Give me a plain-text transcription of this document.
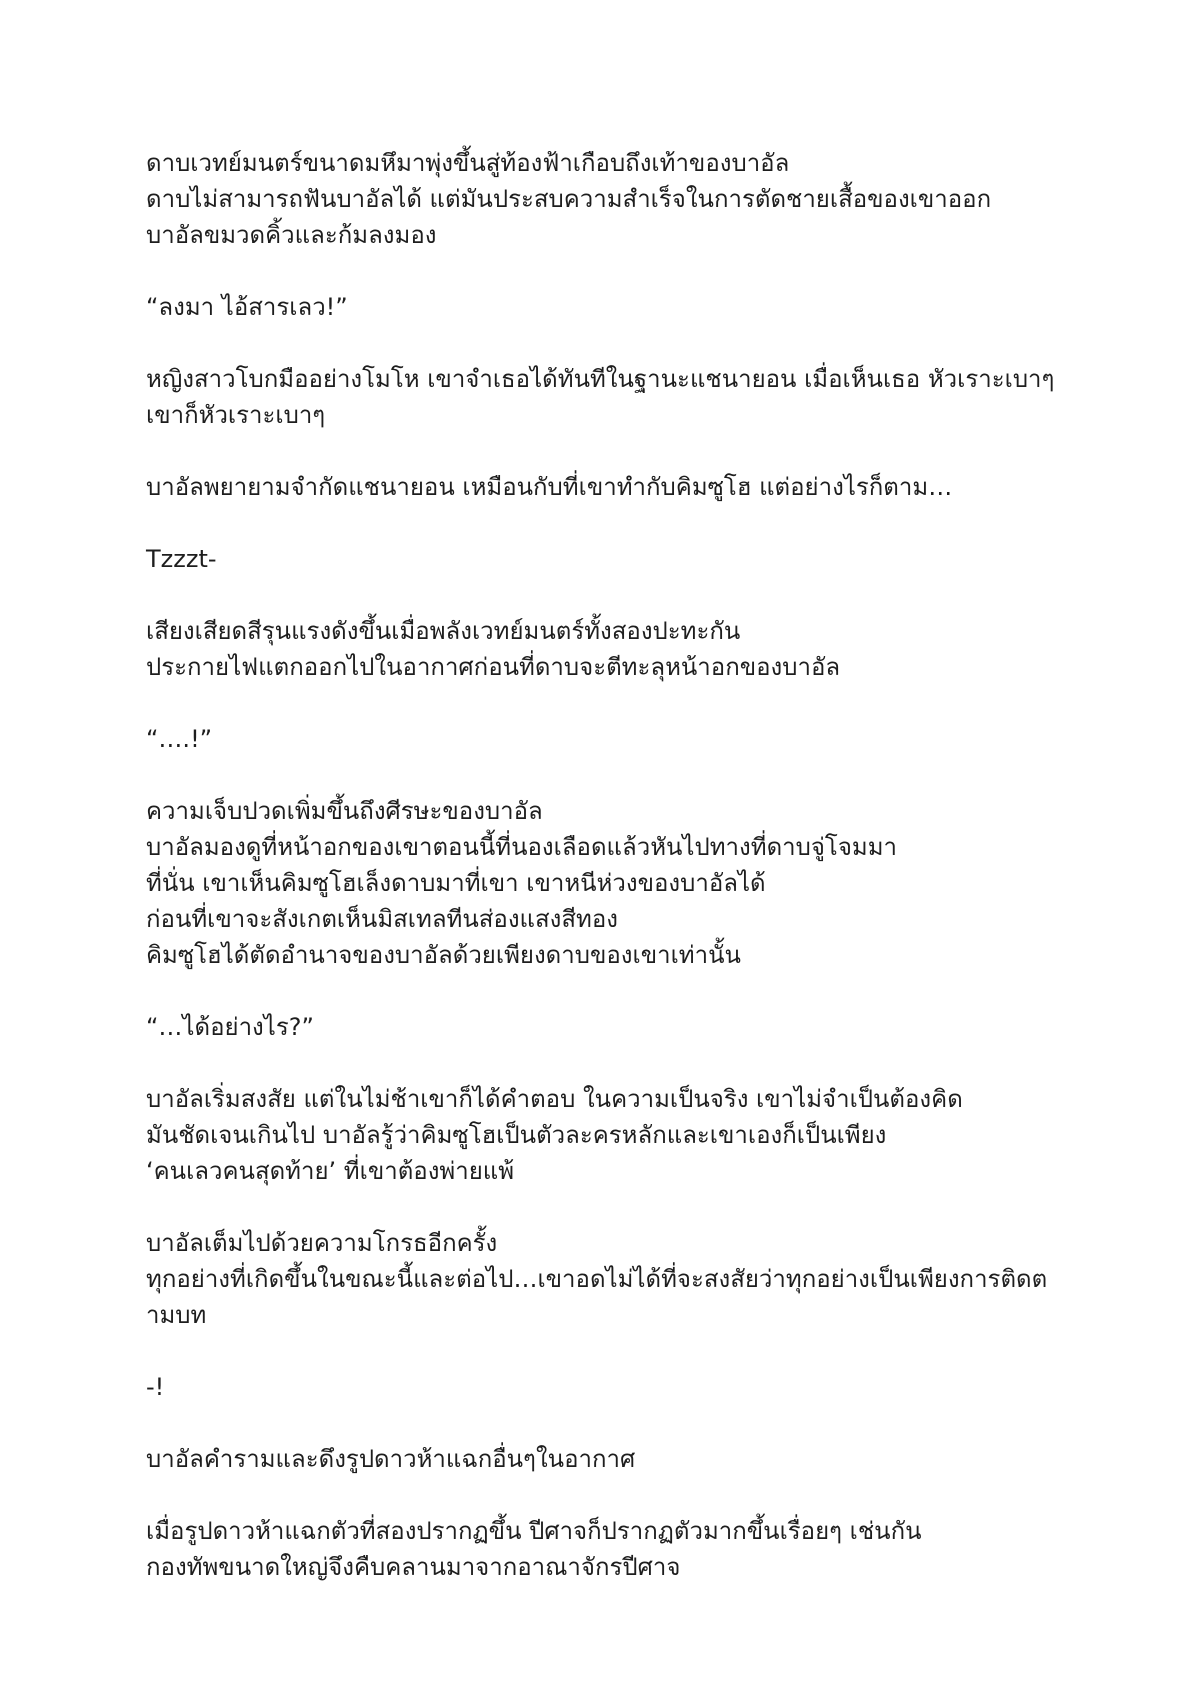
ดาบเวทย์มนตร์ขนาดมหึมาพุ่งขึ้นสู่ท้องฟ้าเกือบถึงเท้าของบาอัล
ดาบไม่สามารถฟันบาอัลได้ แต่มันประสบความสำเร็จในการตัดชายเสื้อของเขาออก
บาอัลขมวดคิ้วและก้มลงมอง

“ลงมา ไอ้สารเลว!”

หญิงสาวโบกมืออย่างโมโห เขาจำเธอได้ทันทีในฐานะแชนายอน เมื่อเห็นเธอ หัวเราะเบาๆ
เขาก็หัวเราะเบาๆ

บาอัลพยายามจำกัดแชนายอน เหมือนกับที่เขาทำกับคิมซูโฮ แต่อย่างไรก็ตาม…

Tzzzt-

เสียงเสียดสีรุนแรงดังขึ้นเมื่อพลังเวทย์มนตร์ทั้งสองปะทะกัน
ประกายไฟแตกออกไปในอากาศก่อนที่ดาบจะตีทะลุหน้าอกของบาอัล

“….!”

ความเจ็บปวดเพิ่มขึ้นถึงศีรษะของบาอัล
บาอัลมองดูที่หน้าอกของเขาตอนนี้ที่นองเลือดแล้วหันไปทางที่ดาบจู่โจมมา
ที่นั่น เขาเห็นคิมซูโฮเล็งดาบมาที่เขา เขาหนีห่วงของบาอัลได้
ก่อนที่เขาจะสังเกตเห็นมิสเทลทีนส่องแสงสีทอง
คิมซูโฮได้ตัดอำนาจของบาอัลด้วยเพียงดาบของเขาเท่านั้น

“…ได้อย่างไร?”

บาอัลเริ่มสงสัย แต่ในไม่ช้าเขาก็ได้คำตอบ ในความเป็นจริง เขาไม่จำเป็นต้องคิด
มันชัดเจนเกินไป บาอัลรู้ว่าคิมซูโฮเป็นตัวละครหลักและเขาเองก็เป็นเพียง
‘คนเลวคนสุดท้าย’ ที่เขาต้องพ่ายแพ้

บาอัลเต็มไปด้วยความโกรธอีกครั้ง
ทุกอย่างที่เกิดขึ้นในขณะนี้และต่อไป…เขาอดไม่ได้ที่จะสงสัยว่าทุกอย่างเป็นเพียงการติดต
ามบท

-!

บาอัลคำรามและดึงรูปดาวห้าแฉกอื่นๆในอากาศ

เมื่อรูปดาวห้าแฉกตัวที่สองปรากฏขึ้น ปีศาจก็ปรากฏตัวมากขึ้นเรื่อยๆ เช่นกัน
กองทัพขนาดใหญ่จึงคืบคลานมาจากอาณาจักรปีศาจ
